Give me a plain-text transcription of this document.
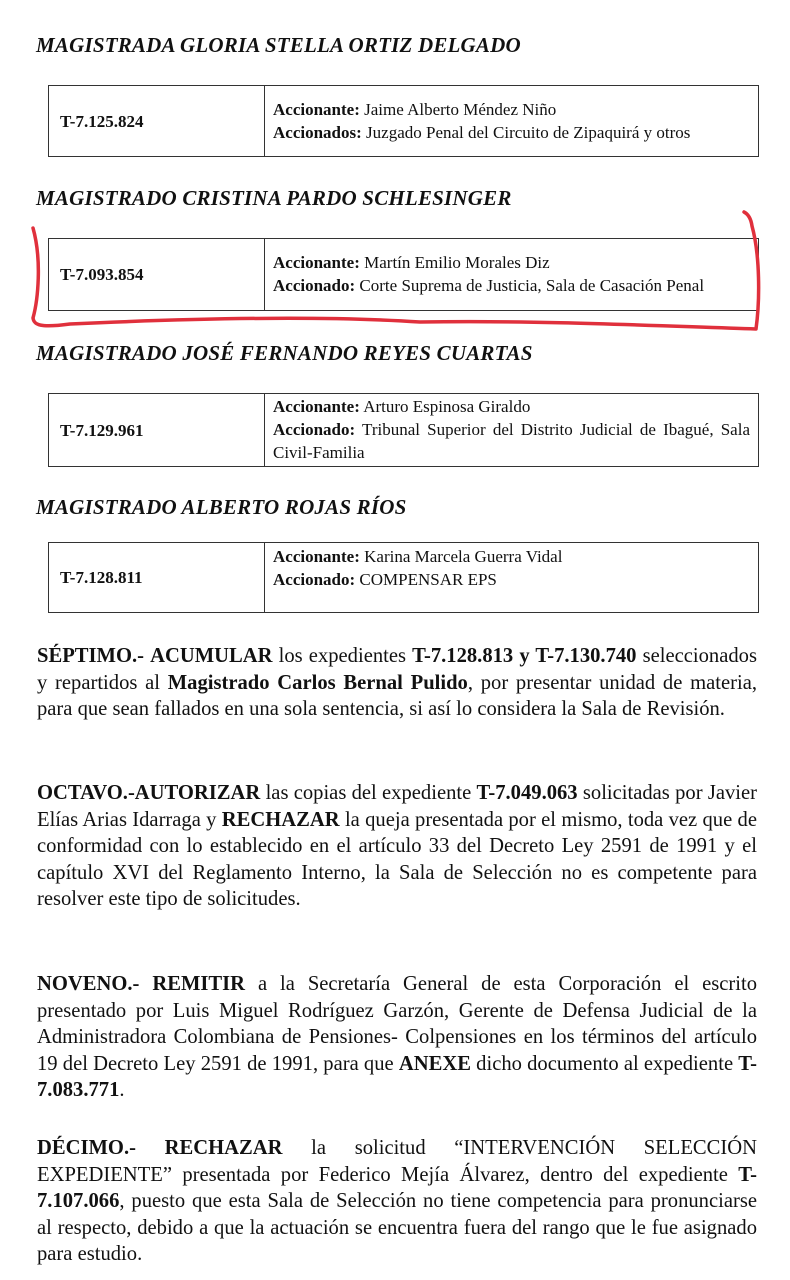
MAGISTRADA GLORIA STELLA ORTIZ DELGADO
T-7.125.824	Accionante: Jaime Alberto Méndez Niño
Accionados: Juzgado Penal del Circuito de Zipaquirá y otros
MAGISTRADO CRISTINA PARDO SCHLESINGER
T-7.093.854	Accionante: Martín Emilio Morales Diz
Accionado: Corte Suprema de Justicia, Sala de Casación Penal
MAGISTRADO JOSÉ FERNANDO REYES CUARTAS
T-7.129.961	Accionante: Arturo Espinosa Giraldo
Accionado: Tribunal Superior del Distrito Judicial de Ibagué, Sala Civil-Familia
MAGISTRADO ALBERTO ROJAS RÍOS
T-7.128.811	Accionante: Karina Marcela Guerra Vidal
Accionado: COMPENSAR EPS

SÉPTIMO.- ACUMULAR los expedientes T-7.128.813 y T-7.130.740 seleccionados y repartidos al Magistrado Carlos Bernal Pulido, por presentar unidad de materia, para que sean fallados en una sola sentencia, si así lo considera la Sala de Revisión.

OCTAVO.-AUTORIZAR las copias del expediente T-7.049.063 solicitadas por Javier Elías Arias Idarraga y RECHAZAR la queja presentada por el mismo, toda vez que de conformidad con lo establecido en el artículo 33 del Decreto Ley 2591 de 1991 y el capítulo XVI del Reglamento Interno, la Sala de Selección no es competente para resolver este tipo de solicitudes.

NOVENO.- REMITIR a la Secretaría General de esta Corporación el escrito presentado por Luis Miguel Rodríguez Garzón, Gerente de Defensa Judicial de la Administradora Colombiana de Pensiones- Colpensiones en los términos del artículo 19 del Decreto Ley 2591 de 1991, para que ANEXE dicho documento al expediente T-7.083.771.

DÉCIMO.- RECHAZAR la solicitud “INTERVENCIÓN SELECCIÓN EXPEDIENTE” presentada por Federico Mejía Álvarez, dentro del expediente T-7.107.066, puesto que esta Sala de Selección no tiene competencia para pronunciarse al respecto, debido a que la actuación se encuentra fuera del rango que le fue asignado para estudio.
